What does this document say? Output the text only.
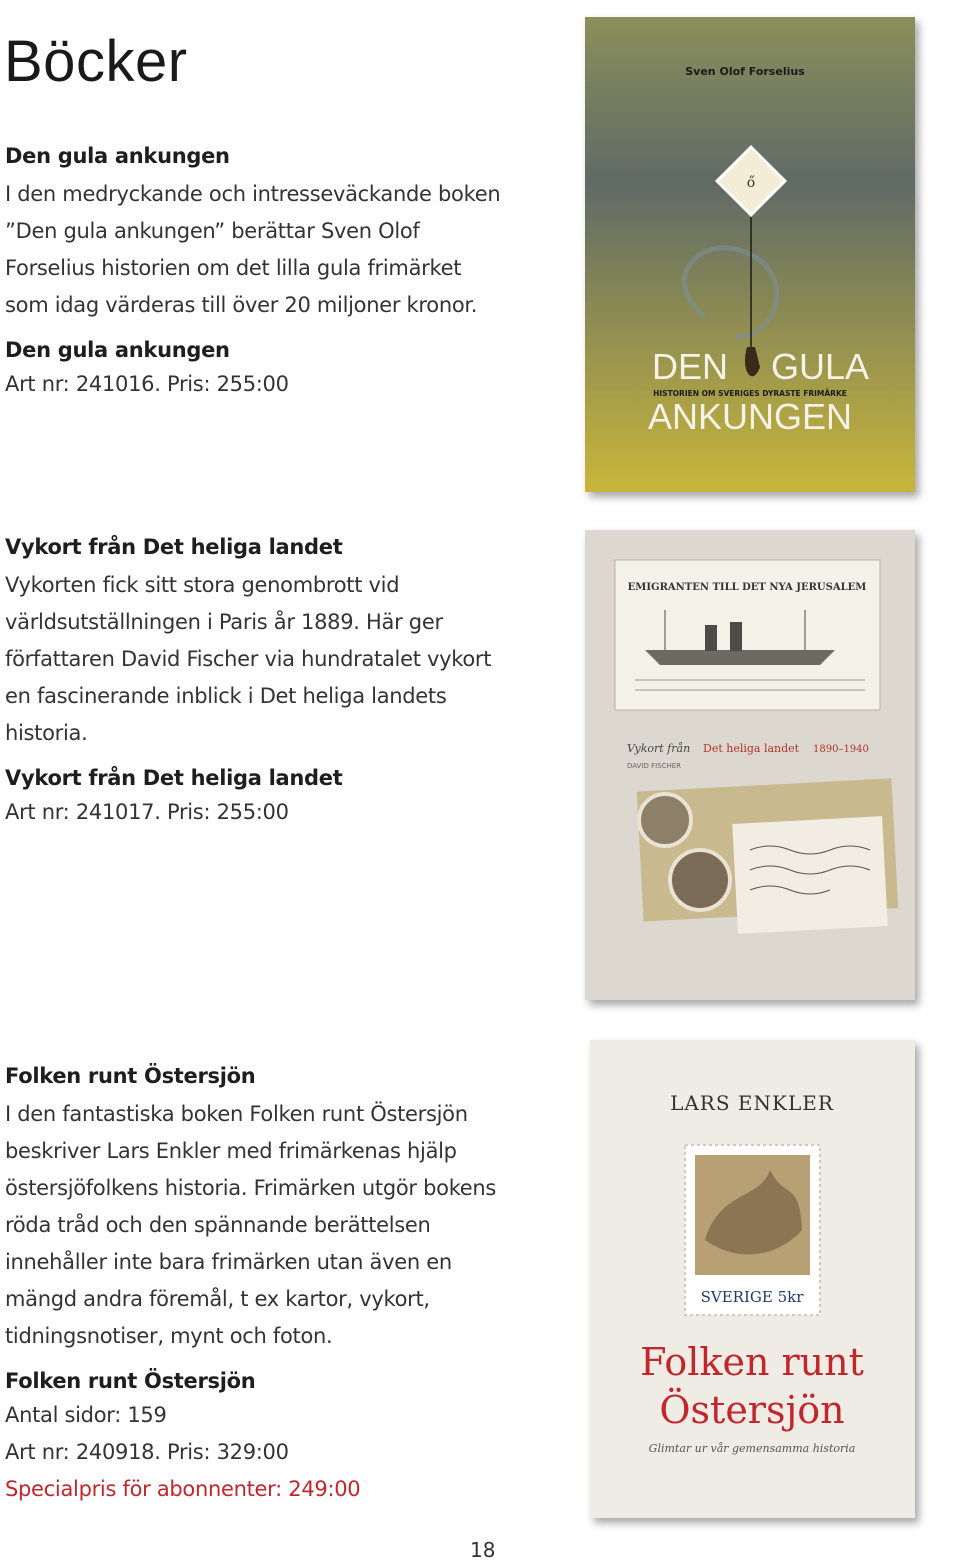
Böcker
Den gula ankungen

I den medryckande och intresseväckande boken ”Den gula ankungen” berättar Sven Olof Forselius historien om det lilla gula frimärket som idag värderas till över 20 miljoner kronor.

Den gula ankungen

Art nr: 241016. Pris: 255:00

Sven Olof Forselius
ő
DEN GULA
HISTORIEN OM SVERIGES DYRASTE FRIMÄRKE
ANKUNGEN
Vykort från Det heliga landet

Vykorten fick sitt stora genombrott vid världsutställningen i Paris år 1889. Här ger författaren David Fischer via hundratalet vykort en fascinerande inblick i Det heliga landets historia.

Vykort från Det heliga landet

Art nr: 241017. Pris: 255:00

EMIGRANTEN TILL DET NYA JERUSALEM
Vykort från Det heliga landet 1890–1940
DAVID FISCHER
Folken runt Östersjön

I den fantastiska boken Folken runt Östersjön beskriver Lars Enkler med frimärkenas hjälp östersjöfolkens historia. Frimärken utgör bokens röda tråd och den spännande berättelsen innehåller inte bara frimärken utan även en mängd andra föremål, t ex kartor, vykort, tidningsnotiser, mynt och foton.

Folken runt Östersjön

Antal sidor: 159

Art nr: 240918. Pris: 329:00

Specialpris för abonnenter: 249:00

LARS ENKLER
SVERIGE 5kr
Folken runt
Östersjön
Glimtar ur vår gemensamma historia
18
